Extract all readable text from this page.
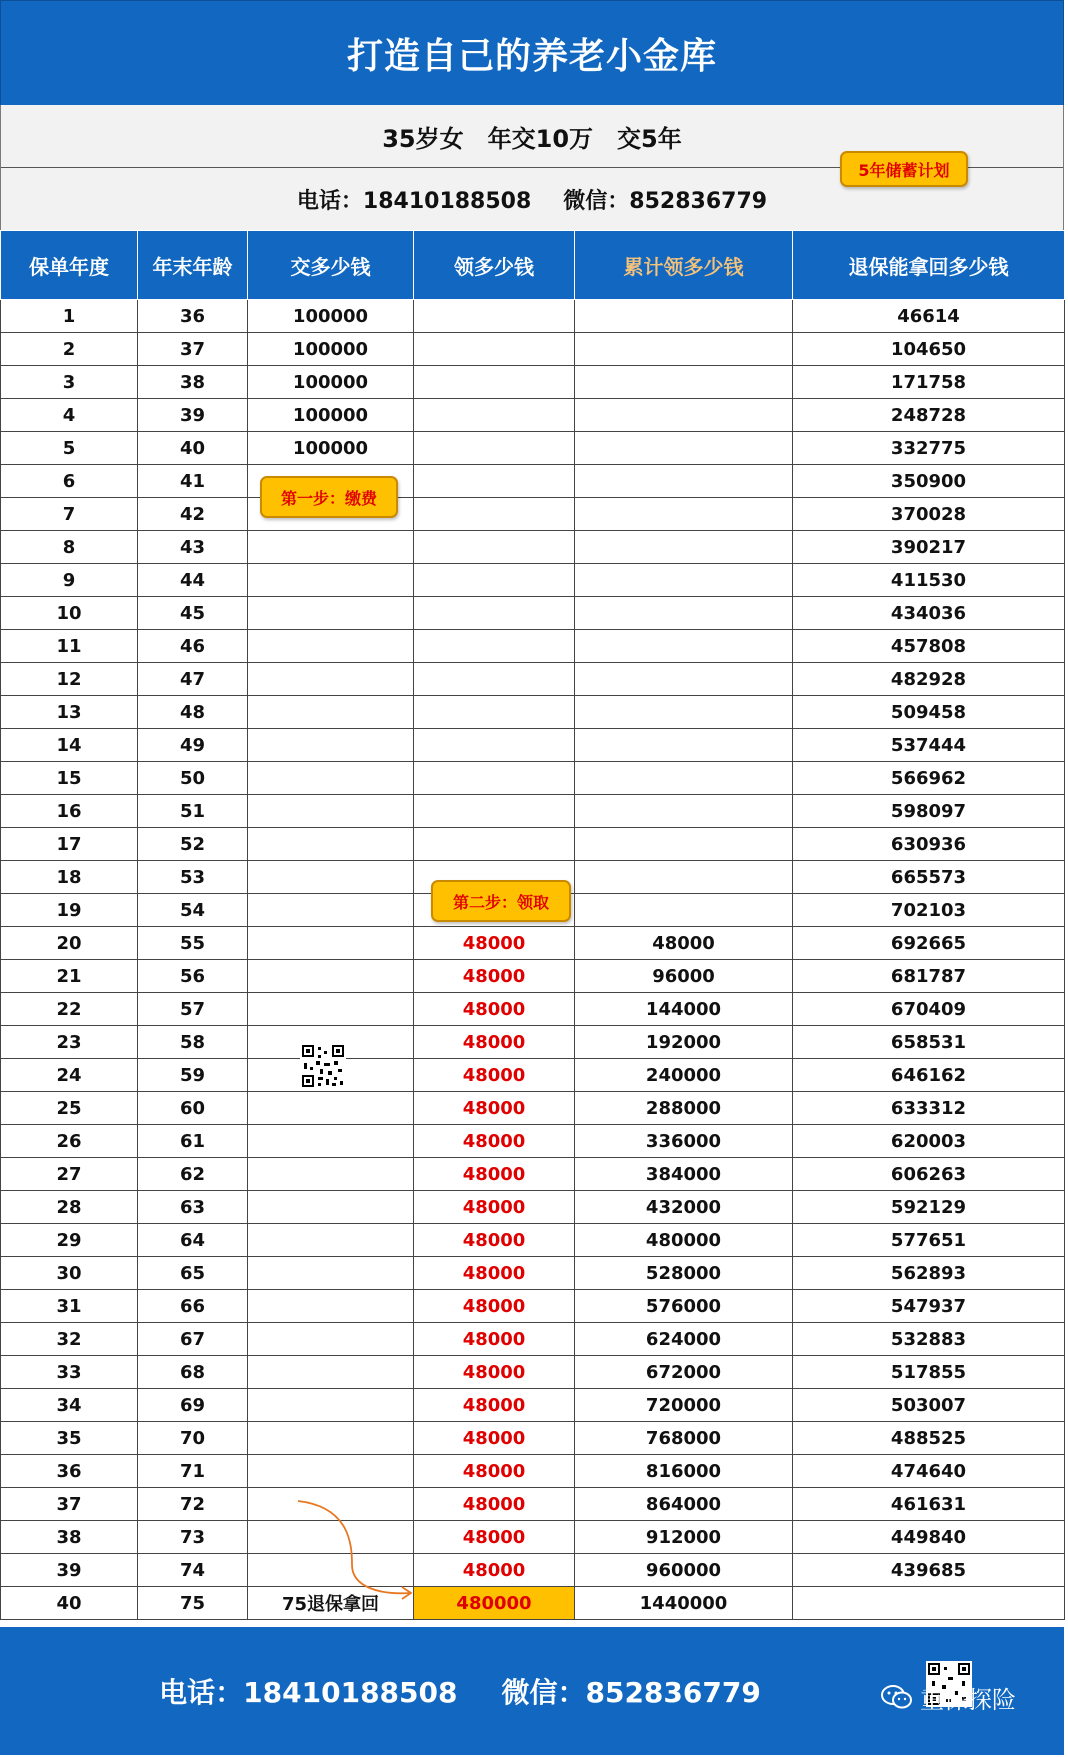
打造自己的养老小金库
35岁女 年交10万 交5年
电话：18410188508 微信：852836779
5年储蓄计划
保单年度	年末年龄	交多少钱	领多少钱	累计领多少钱	退保能拿回多少钱
1	36	100000			46614
2	37	100000			104650
3	38	100000			171758
4	39	100000			248728
5	40	100000			332775
6	41				350900
7	42				370028
8	43				390217
9	44				411530
10	45				434036
11	46				457808
12	47				482928
13	48				509458
14	49				537444
15	50				566962
16	51				598097
17	52				630936
18	53				665573
19	54				702103
20	55		48000	48000	692665
21	56		48000	96000	681787
22	57		48000	144000	670409
23	58		48000	192000	658531
24	59		48000	240000	646162
25	60		48000	288000	633312
26	61		48000	336000	620003
27	62		48000	384000	606263
28	63		48000	432000	592129
29	64		48000	480000	577651
30	65		48000	528000	562893
31	66		48000	576000	547937
32	67		48000	624000	532883
33	68		48000	672000	517855
34	69		48000	720000	503007
35	70		48000	768000	488525
36	71		48000	816000	474640
37	72		48000	864000	461631
38	73		48000	912000	449840
39	74		48000	960000	439685
40	75	75退保拿回	480000	1440000	
第一步：缴费
第二步：领取
电话：18410188508 微信：852836779	重保探险
